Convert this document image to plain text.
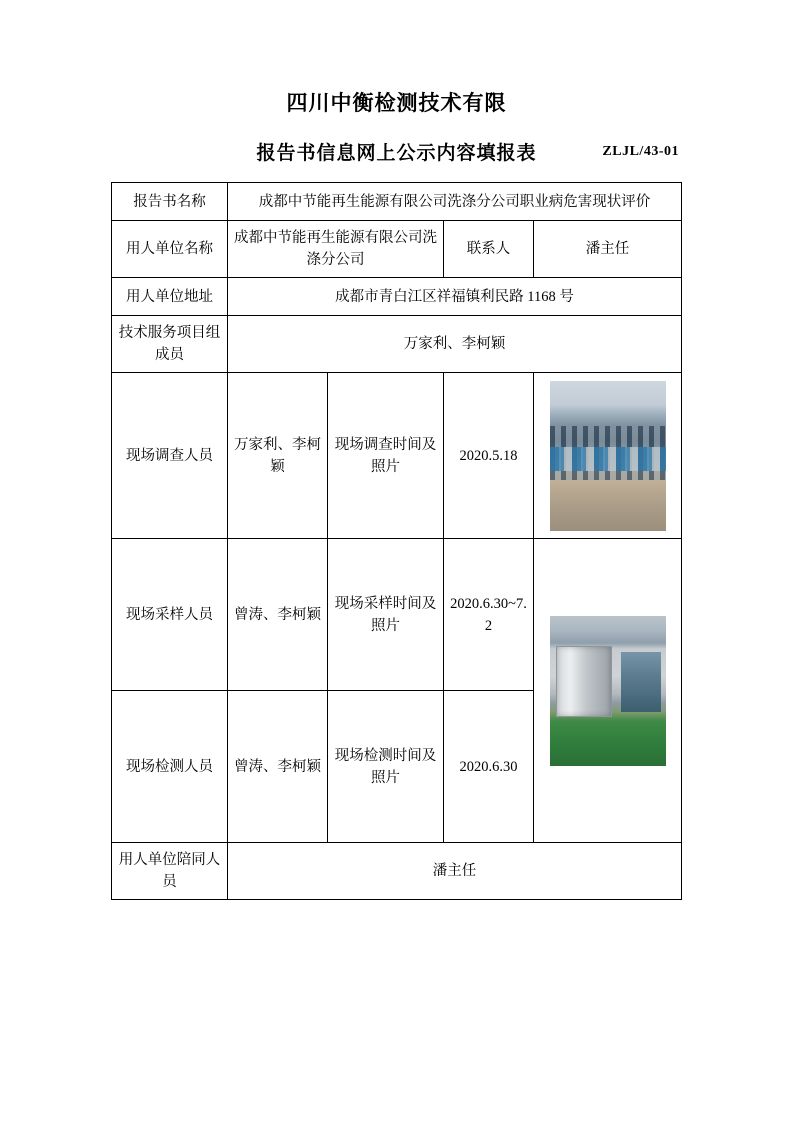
四川中衡检测技术有限
报告书信息网上公示内容填报表	ZLJL/43-01
报告书名称	成都中节能再生能源有限公司洗涤分公司职业病危害现状评价			
用人单位名称	成都中节能再生能源有限公司洗涤分公司		联系人	潘主任
用人单位地址	成都市青白江区祥福镇利民路 1168 号			
技术服务项目组成员	万家利、李柯颖			
现场调查人员	万家利、李柯颖	现场调查时间及照片	2020.5.18	

现场采样人员	曾涛、李柯颖	现场采样时间及照片	2020.6.30~7.2	

现场检测人员	曾涛、李柯颖	现场检测时间及照片	2020.6.30	
用人单位陪同人员	潘主任			
